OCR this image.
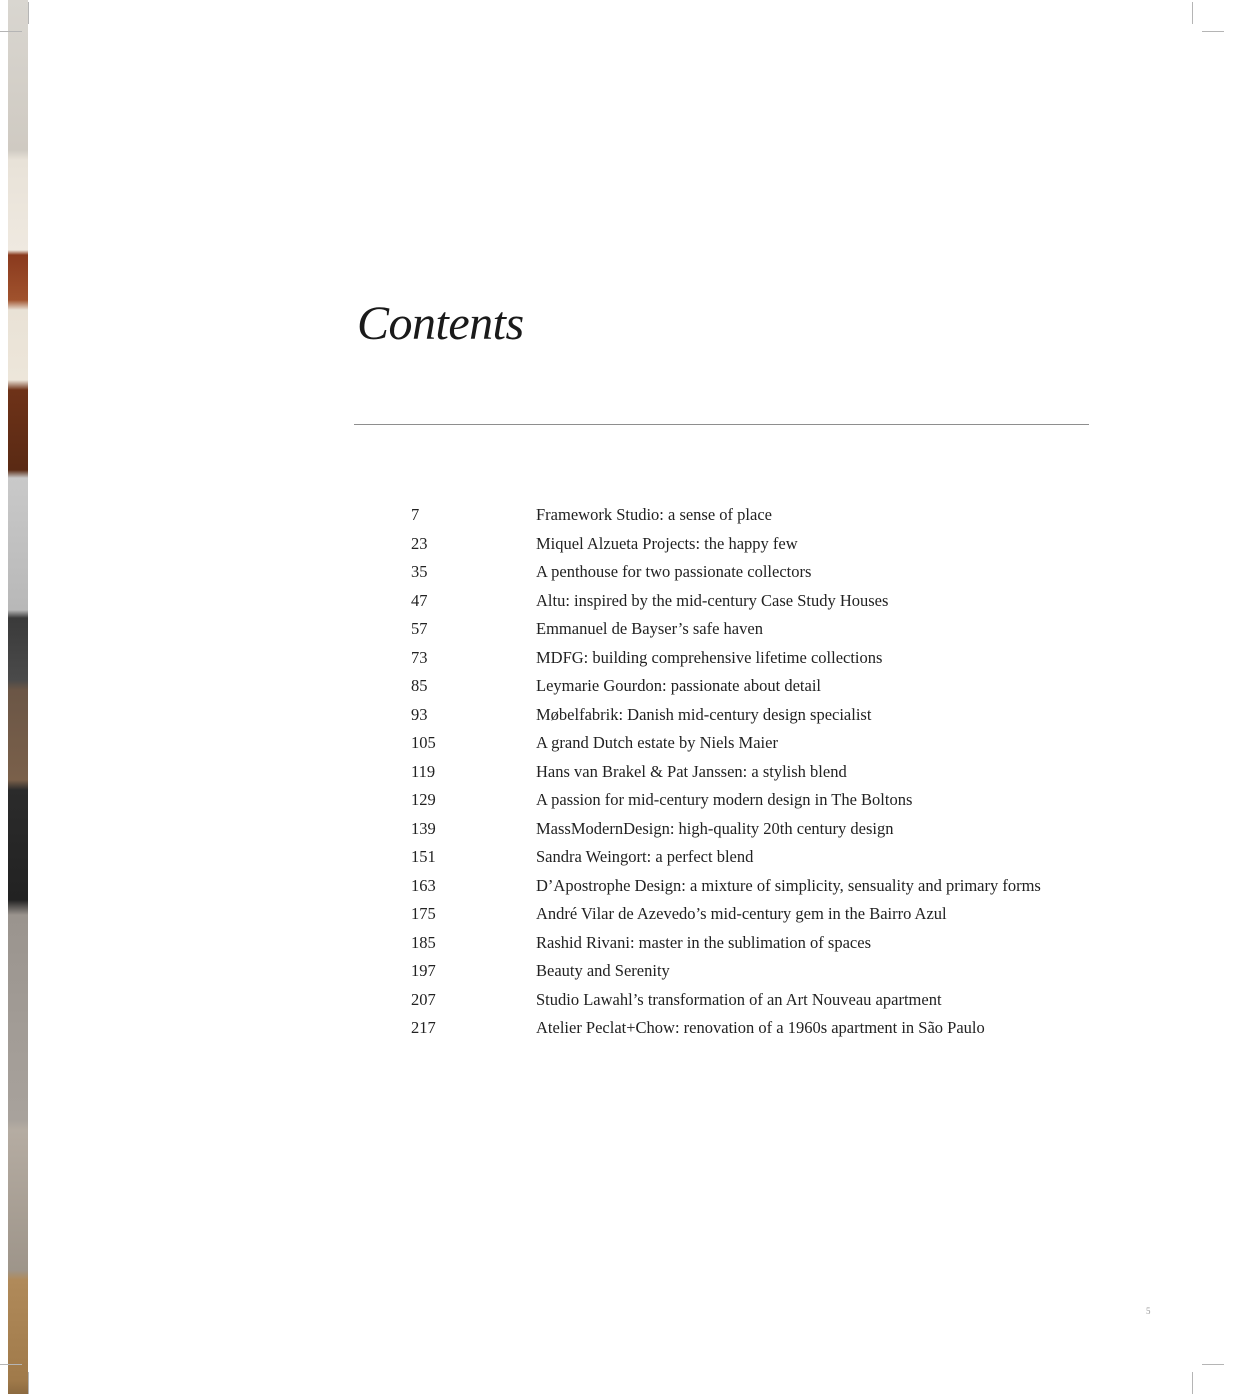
Contents
7	Framework Studio: a sense of place
23	Miquel Alzueta Projects: the happy few
35	A penthouse for two passionate collectors
47	Altu: inspired by the mid-century Case Study Houses
57	Emmanuel de Bayser’s safe haven
73	MDFG: building comprehensive lifetime collections
85	Leymarie Gourdon: passionate about detail
93	Møbelfabrik: Danish mid-century design specialist
105	A grand Dutch estate by Niels Maier
119	Hans van Brakel & Pat Janssen: a stylish blend
129	A passion for mid-century modern design in The Boltons
139	MassModernDesign: high-quality 20th century design
151	Sandra Weingort: a perfect blend
163	D’Apostrophe Design: a mixture of simplicity, sensuality and primary forms
175	André Vilar de Azevedo’s mid-century gem in the Bairro Azul
185	Rashid Rivani: master in the sublimation of spaces
197	Beauty and Serenity
207	Studio Lawahl’s transformation of an Art Nouveau apartment
217	Atelier Peclat+Chow: renovation of a 1960s apartment in São Paulo
5
